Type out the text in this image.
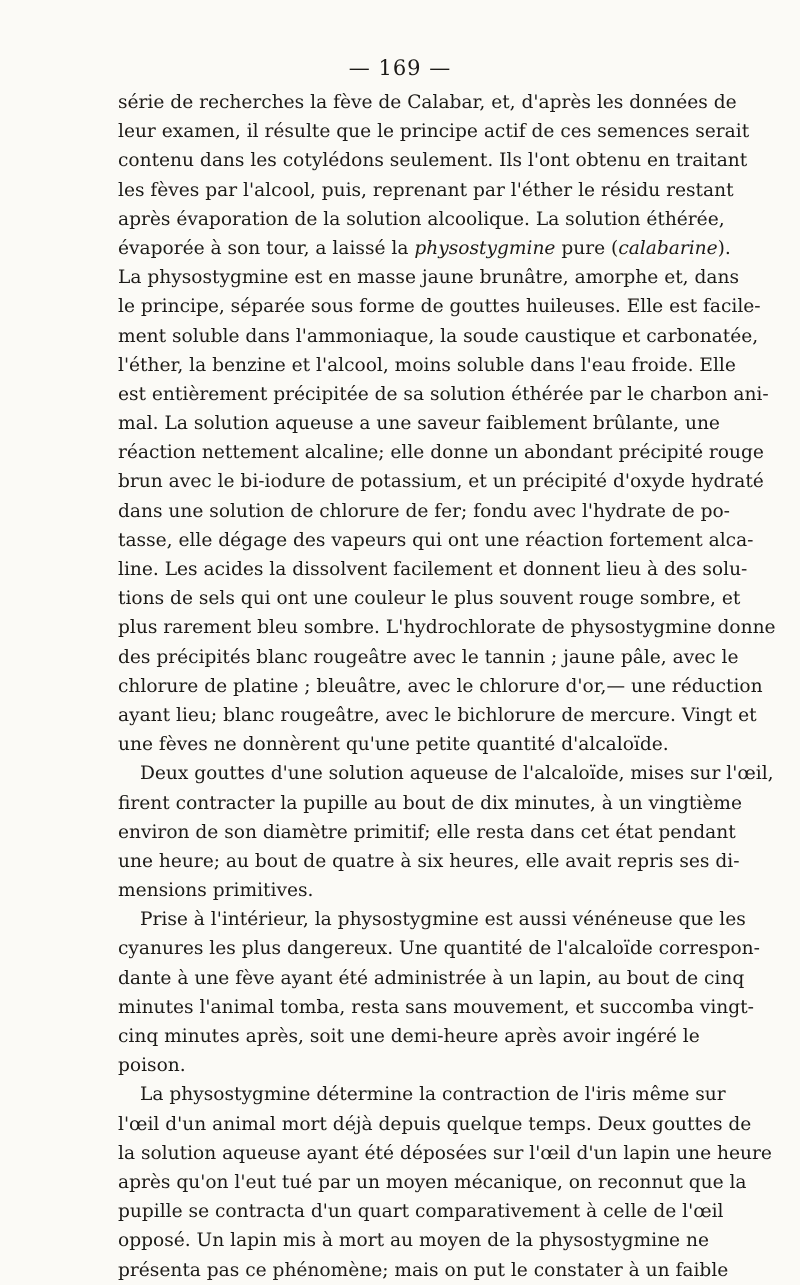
— 169 —
série de recherches la fève de Calabar, et, d'après les données de
leur examen, il résulte que le principe actif de ces semences serait
contenu dans les cotylédons seulement. Ils l'ont obtenu en traitant
les fèves par l'alcool, puis, reprenant par l'éther le résidu restant
après évaporation de la solution alcoolique. La solution éthérée,
évaporée à son tour, a laissé la physostygmine pure (calabarine).
La physostygmine est en masse jaune brunâtre, amorphe et, dans
le principe, séparée sous forme de gouttes huileuses. Elle est facile-
ment soluble dans l'ammoniaque, la soude caustique et carbonatée,
l'éther, la benzine et l'alcool, moins soluble dans l'eau froide. Elle
est entièrement précipitée de sa solution éthérée par le charbon ani-
mal. La solution aqueuse a une saveur faiblement brûlante, une
réaction nettement alcaline; elle donne un abondant précipité rouge
brun avec le bi-iodure de potassium, et un précipité d'oxyde hydraté
dans une solution de chlorure de fer; fondu avec l'hydrate de po-
tasse, elle dégage des vapeurs qui ont une réaction fortement alca-
line. Les acides la dissolvent facilement et donnent lieu à des solu-
tions de sels qui ont une couleur le plus souvent rouge sombre, et
plus rarement bleu sombre. L'hydrochlorate de physostygmine donne
des précipités blanc rougeâtre avec le tannin ; jaune pâle, avec le
chlorure de platine ; bleuâtre, avec le chlorure d'or,— une réduction
ayant lieu; blanc rougeâtre, avec le bichlorure de mercure. Vingt et
une fèves ne donnèrent qu'une petite quantité d'alcaloïde.
Deux gouttes d'une solution aqueuse de l'alcaloïde, mises sur l'œil,
firent contracter la pupille au bout de dix minutes, à un vingtième
environ de son diamètre primitif; elle resta dans cet état pendant
une heure; au bout de quatre à six heures, elle avait repris ses di-
mensions primitives.
Prise à l'intérieur, la physostygmine est aussi vénéneuse que les
cyanures les plus dangereux. Une quantité de l'alcaloïde correspon-
dante à une fève ayant été administrée à un lapin, au bout de cinq
minutes l'animal tomba, resta sans mouvement, et succomba vingt-
cinq minutes après, soit une demi-heure après avoir ingéré le
poison.
La physostygmine détermine la contraction de l'iris même sur
l'œil d'un animal mort déjà depuis quelque temps. Deux gouttes de
la solution aqueuse ayant été déposées sur l'œil d'un lapin une heure
après qu'on l'eut tué par un moyen mécanique, on reconnut que la
pupille se contracta d'un quart comparativement à celle de l'œil
opposé. Un lapin mis à mort au moyen de la physostygmine ne
présenta pas ce phénomène; mais on put le constater à un faible
